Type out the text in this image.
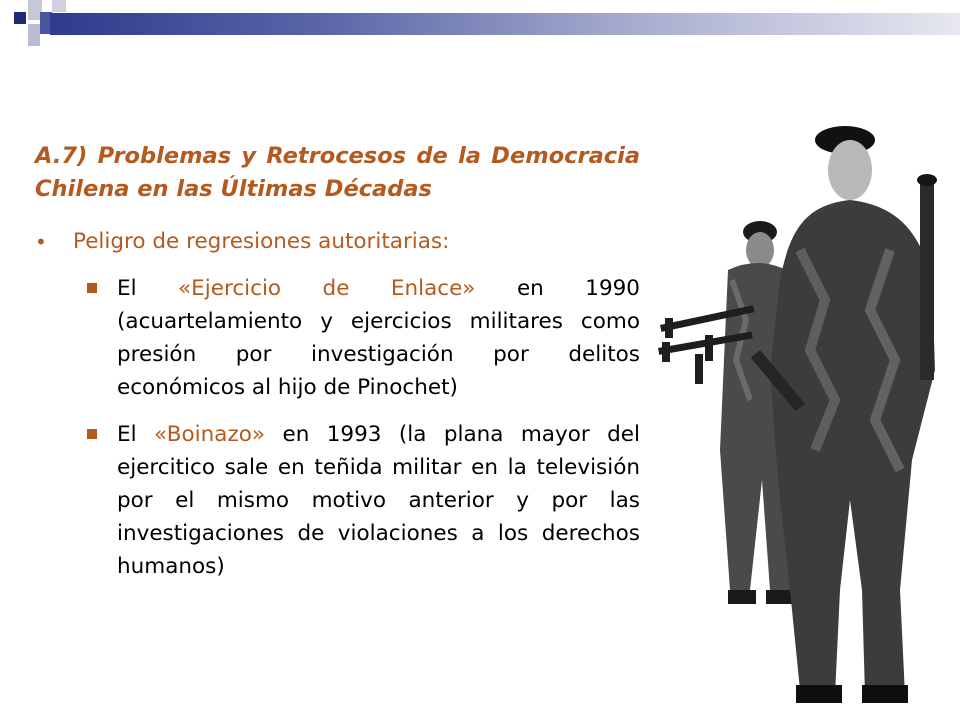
A.7) Problemas y Retrocesos de la Democracia Chilena en las Últimas Décadas
• Peligro de regresiones autoritarias:
El «Ejercicio de Enlace» en 1990 (acuartelamiento y ejercicios militares como presión por investigación por delitos económicos al hijo de Pinochet)
El «Boinazo» en 1993 (la plana mayor del ejercitico sale en teñida militar en la televisión por el mismo motivo anterior y por las investigaciones de violaciones a los derechos humanos)
